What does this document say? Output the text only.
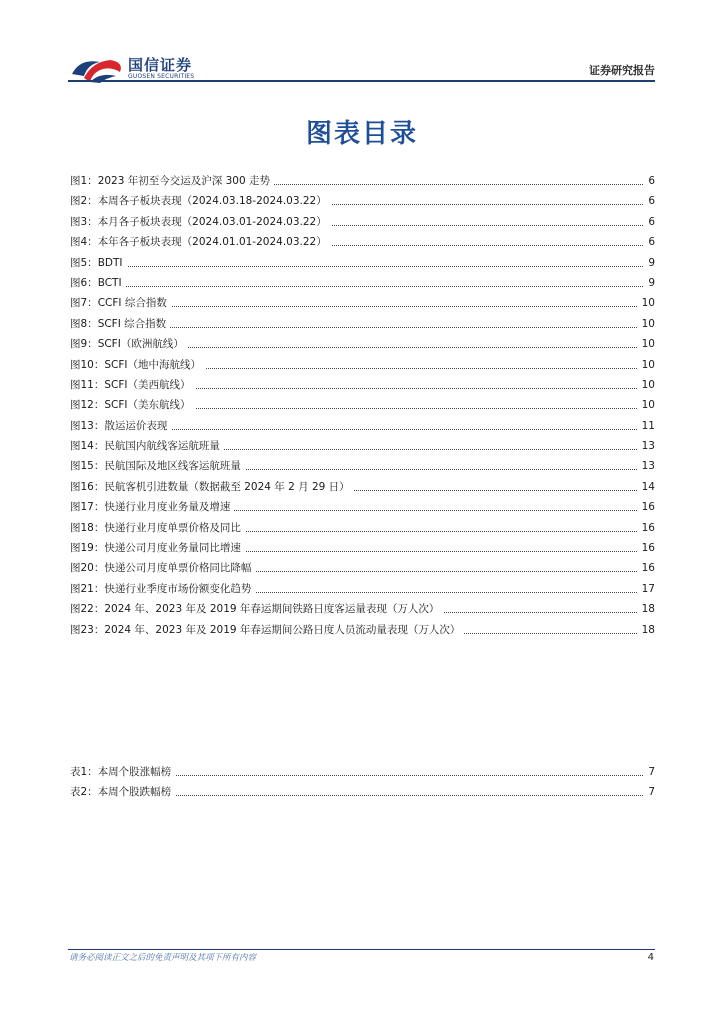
国信证券
GUOSEN SECURITIES	证券研究报告
图表目录
图1：2023 年初至今交运及沪深 300 走势	6
图2：本周各子板块表现（2024.03.18-2024.03.22）	6
图3：本月各子板块表现（2024.03.01-2024.03.22）	6
图4：本年各子板块表现（2024.01.01-2024.03.22）	6
图5：BDTI	9
图6：BCTI	9
图7：CCFI 综合指数	10
图8：SCFI 综合指数	10
图9：SCFI（欧洲航线）	10
图10：SCFI（地中海航线）	10
图11：SCFI（美西航线）	10
图12：SCFI（美东航线）	10
图13：散运运价表现	11
图14：民航国内航线客运航班量	13
图15：民航国际及地区线客运航班量	13
图16：民航客机引进数量（数据截至 2024 年 2 月 29 日）	14
图17：快递行业月度业务量及增速	16
图18：快递行业月度单票价格及同比	16
图19：快递公司月度业务量同比增速	16
图20：快递公司月度单票价格同比降幅	16
图21：快递行业季度市场份额变化趋势	17
图22：2024 年、2023 年及 2019 年春运期间铁路日度客运量表现（万人次）	18
图23：2024 年、2023 年及 2019 年春运期间公路日度人员流动量表现（万人次）	18
表1：本周个股涨幅榜	7
表2：本周个股跌幅榜	7
请务必阅读正文之后的免责声明及其项下所有内容	4
